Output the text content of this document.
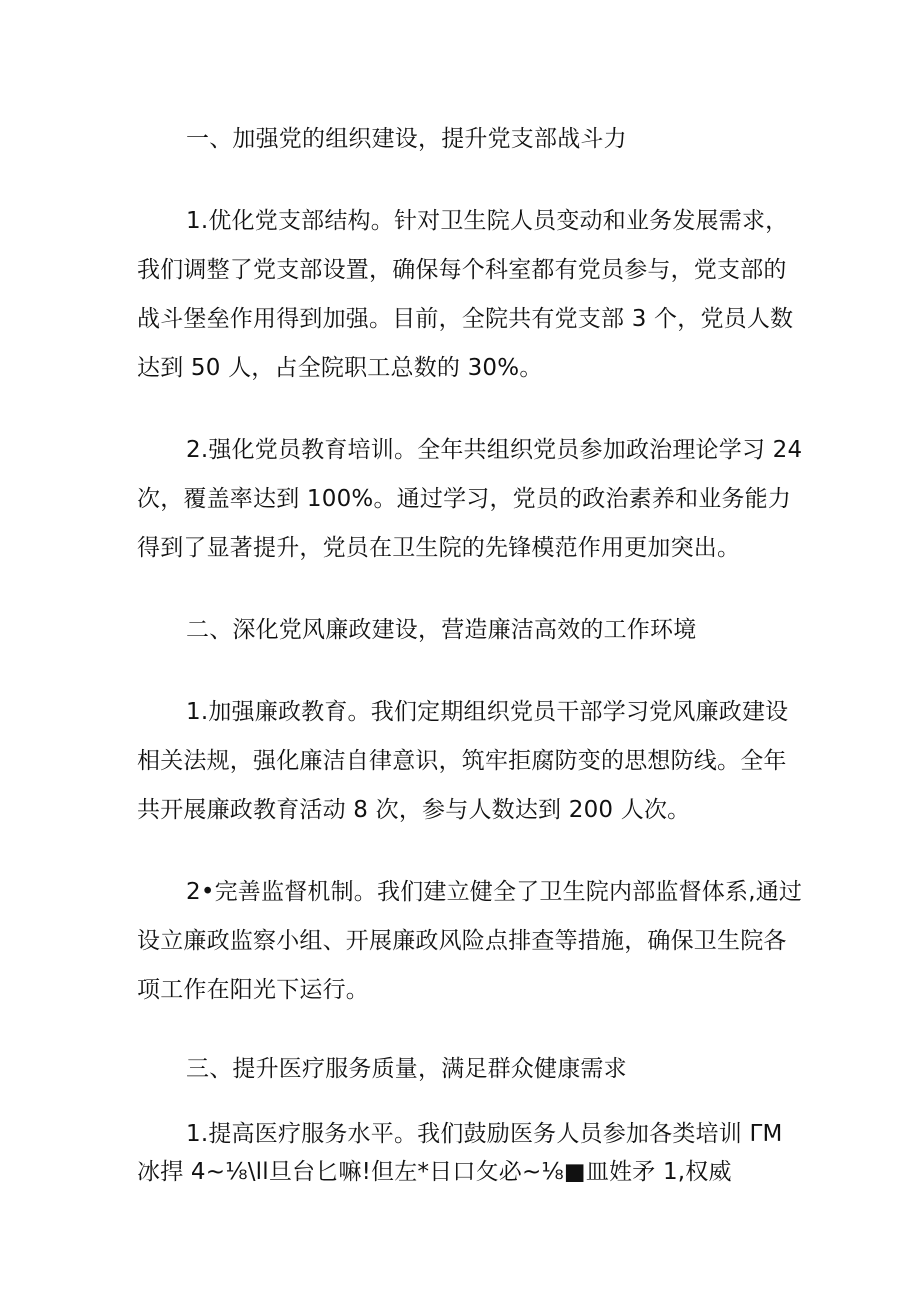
一、加强党的组织建设，提升党支部战斗力
1.优化党支部结构。针对卫生院人员变动和业务发展需求，
我们调整了党支部设置，确保每个科室都有党员参与，党支部的
战斗堡垒作用得到加强。目前，全院共有党支部 3 个，党员人数
达到 50 人，占全院职工总数的 30%。
2.强化党员教育培训。全年共组织党员参加政治理论学习 24
次，覆盖率达到 100%。通过学习，党员的政治素养和业务能力
得到了显著提升，党员在卫生院的先锋模范作用更加突出。
二、深化党风廉政建设，营造廉洁高效的工作环境
1.加强廉政教育。我们定期组织党员干部学习党风廉政建设
相关法规，强化廉洁自律意识，筑牢拒腐防变的思想防线。全年
共开展廉政教育活动 8 次，参与人数达到 200 人次。
2•完善监督机制。我们建立健全了卫生院内部监督体系,通过
设立廉政监察小组、开展廉政风险点排查等措施，确保卫生院各
项工作在阳光下运行。
三、提升医疗服务质量，满足群众健康需求
1.提高医疗服务水平。我们鼓励医务人员参加各类培训 ΓΜ
冰捍 4~⅛\ll旦台匕嘛!但左*日口攵必~⅛■皿姓矛 1,权威
